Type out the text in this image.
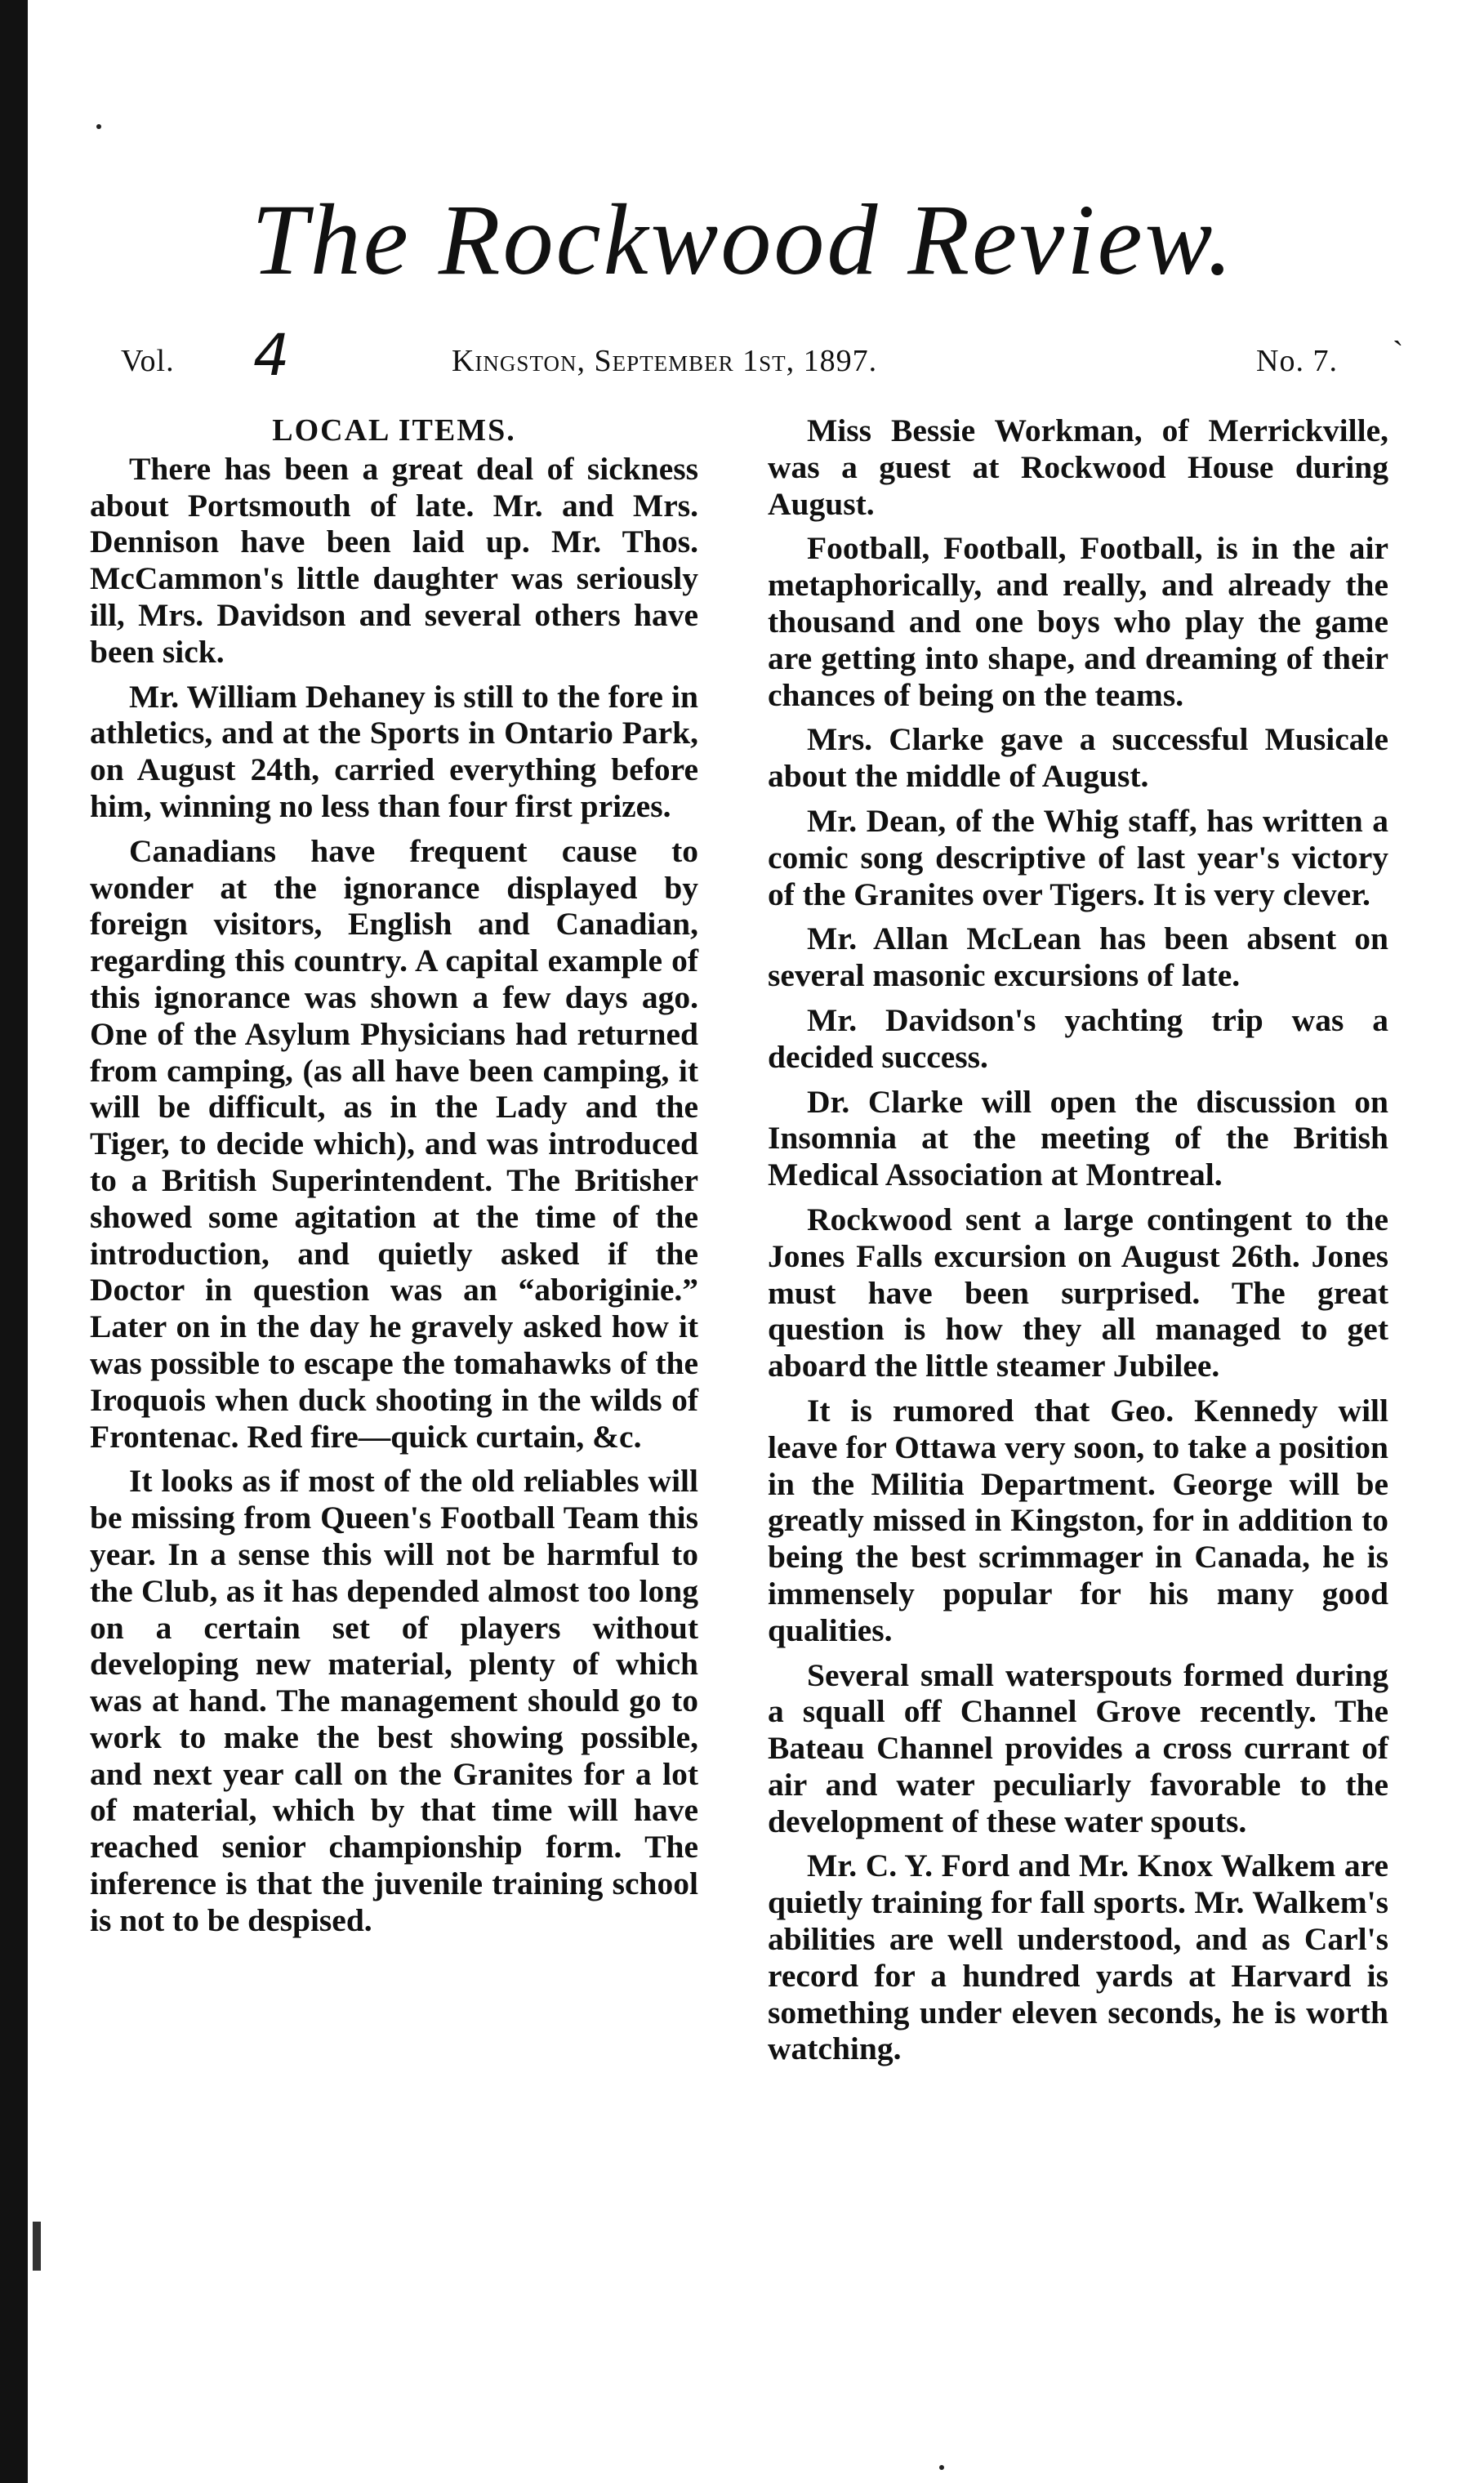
The Rockwood Review.
Vol. 4	Kingston, September 1st, 1897.	No. 7. `
LOCAL ITEMS.

There has been a great deal of sickness about Portsmouth of late. Mr. and Mrs. Dennison have been laid up. Mr. Thos. McCammon's little daughter was seriously ill, Mrs. Davidson and several others have been sick.

Mr. William Dehaney is still to the fore in athletics, and at the Sports in Ontario Park, on August 24th, carried everything before him, winning no less than four first prizes.

Canadians have frequent cause to wonder at the ignorance displayed by foreign visitors, English and Canadian, regarding this country. A capital example of this ignorance was shown a few days ago. One of the Asylum Physicians had returned from camping, (as all have been camping, it will be difficult, as in the Lady and the Tiger, to decide which), and was introduced to a British Superintendent. The Britisher showed some agitation at the time of the introduction, and quietly asked if the Doctor in question was an “aboriginie.” Later on in the day he gravely asked how it was possible to escape the tomahawks of the Iroquois when duck shooting in the wilds of Frontenac. Red fire—quick curtain, &c.

It looks as if most of the old reliables will be missing from Queen's Football Team this year. In a sense this will not be harmful to the Club, as it has depended almost too long on a certain set of players without developing new material, plenty of which was at hand. The management should go to work to make the best showing possible, and next year call on the Granites for a lot of material, which by that time will have reached senior championship form. The inference is that the juvenile training school is not to be despised.

Miss Bessie Workman, of Merrickville, was a guest at Rockwood House during August.

Football, Football, Football, is in the air metaphorically, and really, and already the thousand and one boys who play the game are getting into shape, and dreaming of their chances of being on the teams.

Mrs. Clarke gave a successful Musicale about the middle of August.

Mr. Dean, of the Whig staff, has written a comic song descriptive of last year's victory of the Granites over Tigers. It is very clever.

Mr. Allan McLean has been absent on several masonic excursions of late.

Mr. Davidson's yachting trip was a decided success.

Dr. Clarke will open the discussion on Insomnia at the meeting of the British Medical Association at Montreal.

Rockwood sent a large contingent to the Jones Falls excursion on August 26th. Jones must have been surprised. The great question is how they all managed to get aboard the little steamer Jubilee.

It is rumored that Geo. Kennedy will leave for Ottawa very soon, to take a position in the Militia Department. George will be greatly missed in Kingston, for in addition to being the best scrimmager in Canada, he is immensely popular for his many good qualities.

Several small waterspouts formed during a squall off Channel Grove recently. The Bateau Channel provides a cross currant of air and water peculiarly favorable to the development of these water spouts.

Mr. C. Y. Ford and Mr. Knox Walkem are quietly training for fall sports. Mr. Walkem's abilities are well understood, and as Carl's record for a hundred yards at Harvard is something under eleven seconds, he is worth watching.
